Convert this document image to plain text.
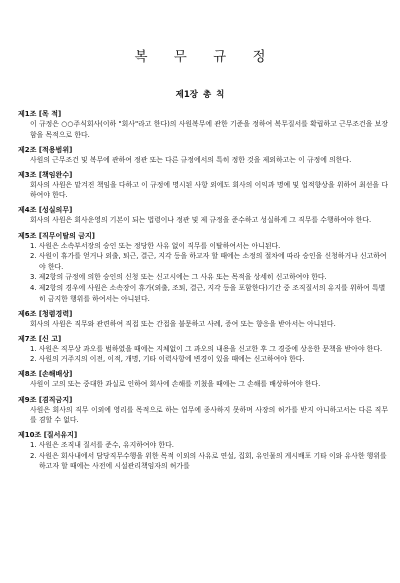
복 무 규 정
제1장 총 칙
제1조 [목 적]
이 규정은 ○○주식회사(이하 "회사"라고 한다)의 사원복무에 관한 기준을 정하여 복무질서를 확립하고 근무조건을 보장함을 목적으로 한다.
제2조 [적용범위]
사원의 근무조건 및 복무에 관하여 정관 또는 다른 규정에서의 특히 정한 것을 제외하고는 이 규정에 의한다.
제3조 [책임완수]
회사의 사원은 맡겨진 책임을 다하고 이 규정에 명시된 사항 외에도 회사의 이익과 명예 및 업적향상을 위하여 최선을 다하여야 한다.
제4조 [성실의무]
회사의 사원은 회사운영의 기본이 되는 법령이나 정관 및 제 규정을 준수하고 성실하게 그 직무를 수행하여야 한다.
제5조 [직무이탈의 금지]
1. 사원은 소속부서장의 승인 또는 정당한 사유 없이 직무를 이탈하여서는 아니된다.
2. 사원이 휴가를 얻거나 외출, 퇴근, 결근, 지각 등을 하고자 할 때에는 소정의 절차에 따라 승인을 신청하거나 신고하여야 한다.
3. 제2항의 규정에 의한 승인의 신청 또는 신고시에는 그 사유 또는 목적을 상세히 신고하여야 한다.
4. 제2항의 경우에 사원은 소속장이 휴가(외출, 조퇴, 결근, 지각 등을 포함한다)기간 중 조직질서의 유지를 위하여 특별히 금지한 행위를 하여서는 아니된다.
제6조 [청렴경력]
회사의 사원은 직무와 관련하여 직접 또는 간접을 불문하고 사례, 증여 또는 향응을 받아서는 아니된다.
제7조 [신 고]
1. 사원은 직무상 과오를 범하였을 때에는 지체없이 그 과오의 내용을 신고한 후 그 경중에 상응한 문책을 받아야 한다.
2. 사원의 거주지의 이전, 이적, 개명, 기타 이력사항에 변경이 있을 때에는 신고하여야 한다.
제8조 [손해배상]
사원이 고의 또는 중대한 과실로 인하여 회사에 손해를 끼쳤을 때에는 그 손해를 배상하여야 한다.
제9조 [겸직금지]
사원은 회사의 직무 이외에 영리를 목적으로 하는 업무에 종사하지 못하며 사장의 허가를 받지 아니하고서는 다른 직무를 겸할 수 없다.
제10조 [질서유지]
1. 사원은 조직내 질서를 준수, 유지하여야 한다.
2. 사원은 회사내에서 담당직무수행을 위한 목적 이외의 사유로 연설, 집회, 유인물의 게시배포 기타 이와 유사한 행위를 하고자 할 때에는 사전에 시설관리책임자의 허가를
